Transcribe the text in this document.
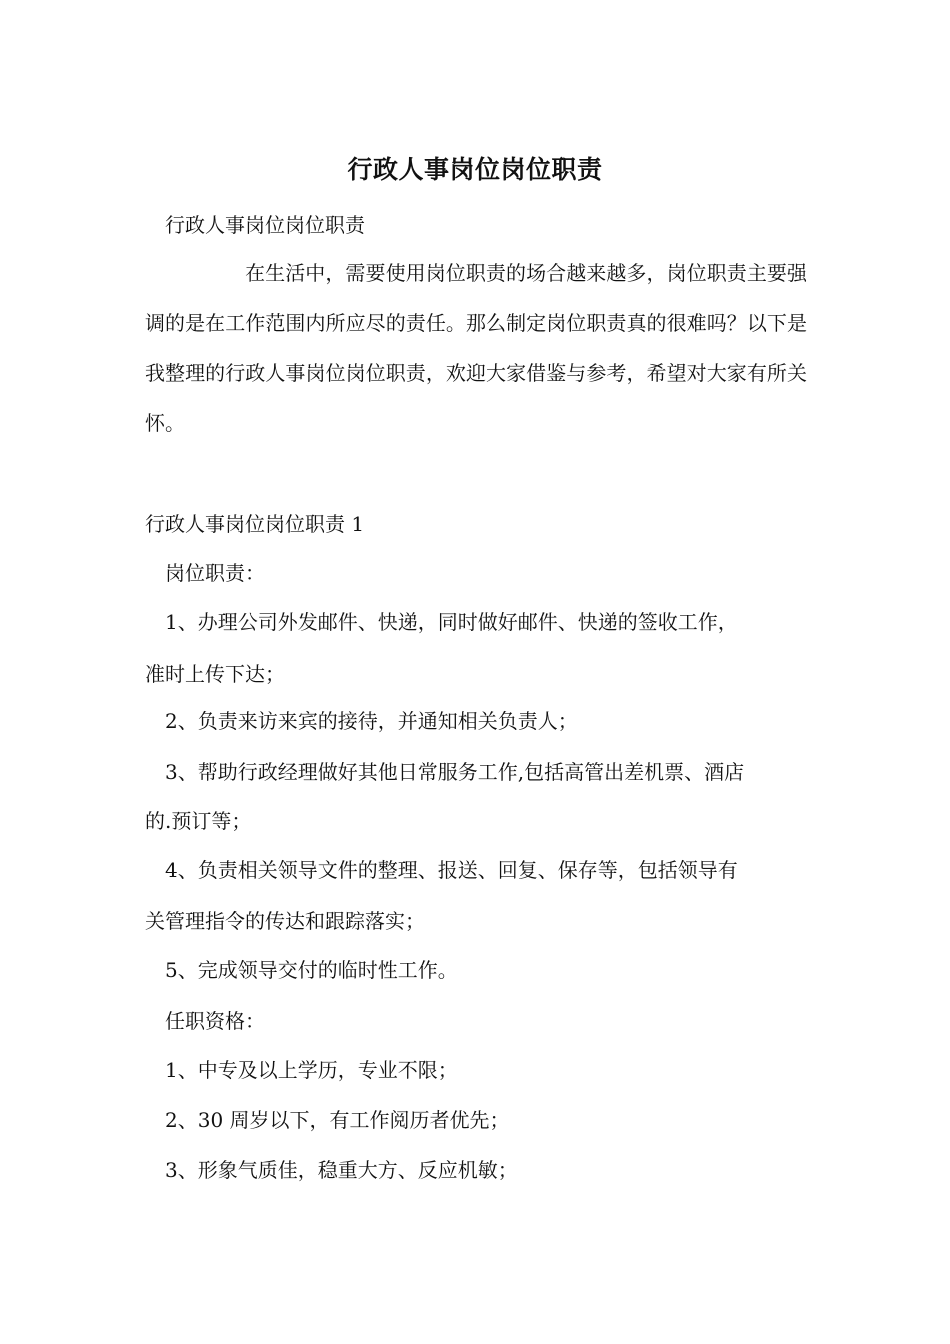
行政人事岗位岗位职责
行政人事岗位岗位职责
在生活中，需要使用岗位职责的场合越来越多，岗位职责主要强调的是在工作范围内所应尽的责任。那么制定岗位职责真的很难吗？以下是我整理的行政人事岗位岗位职责，欢迎大家借鉴与参考，希望对大家有所关怀。
行政人事岗位岗位职责 1
岗位职责：
1、办理公司外发邮件、快递，同时做好邮件、快递的签收工作，
准时上传下达；
2、负责来访来宾的接待，并通知相关负责人；
3、帮助行政经理做好其他日常服务工作,包括高管出差机票、酒店
的.预订等；
4、负责相关领导文件的整理、报送、回复、保存等，包括领导有
关管理指令的传达和跟踪落实；
5、完成领导交付的临时性工作。
任职资格：
1、中专及以上学历，专业不限；
2、30 周岁以下，有工作阅历者优先；
3、形象气质佳，稳重大方、反应机敏；
